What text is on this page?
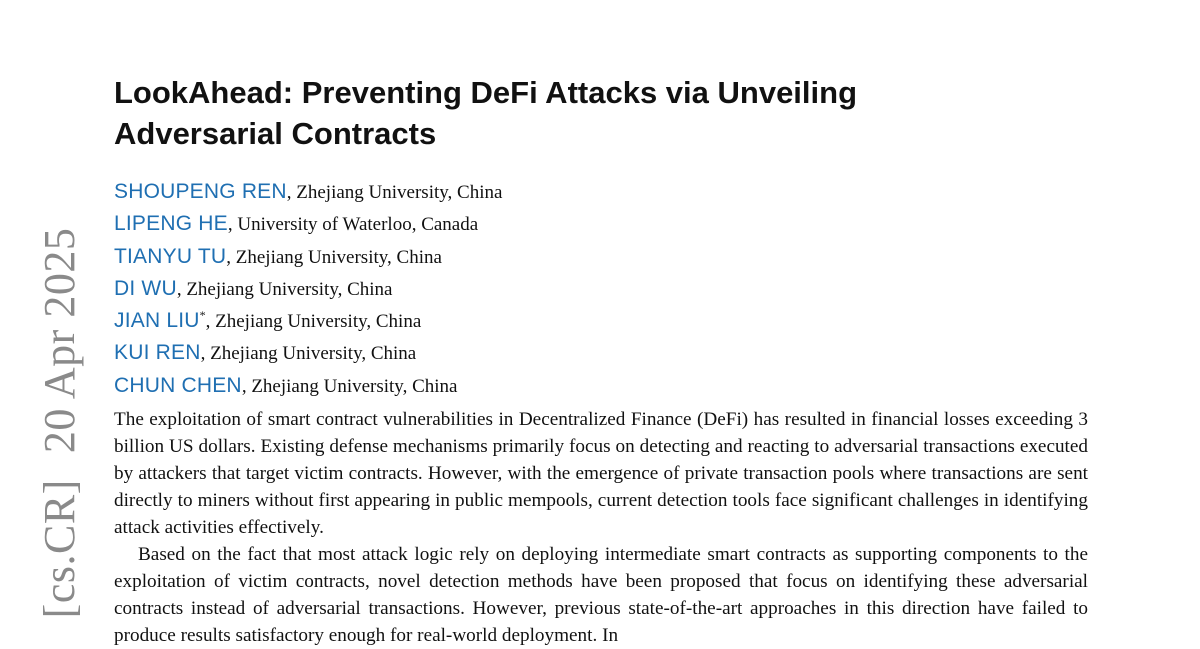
[cs.CR]20 Apr 2025
LookAhead: Preventing DeFi Attacks via Unveiling Adversarial Contracts
SHOUPENG REN, Zhejiang University, China
LIPENG HE, University of Waterloo, Canada
TIANYU TU, Zhejiang University, China
DI WU, Zhejiang University, China
JIAN LIU*, Zhejiang University, China
KUI REN, Zhejiang University, China
CHUN CHEN, Zhejiang University, China

The exploitation of smart contract vulnerabilities in Decentralized Finance (DeFi) has resulted in financial losses exceeding 3 billion US dollars. Existing defense mechanisms primarily focus on detecting and reacting to adversarial transactions executed by attackers that target victim contracts. However, with the emergence of private transaction pools where transactions are sent directly to miners without first appearing in public mempools, current detection tools face significant challenges in identifying attack activities effectively.

Based on the fact that most attack logic rely on deploying intermediate smart contracts as supporting components to the exploitation of victim contracts, novel detection methods have been proposed that focus on identifying these adversarial contracts instead of adversarial transactions. However, previous state-of-the-art approaches in this direction have failed to produce results satisfactory enough for real-world deployment. In
